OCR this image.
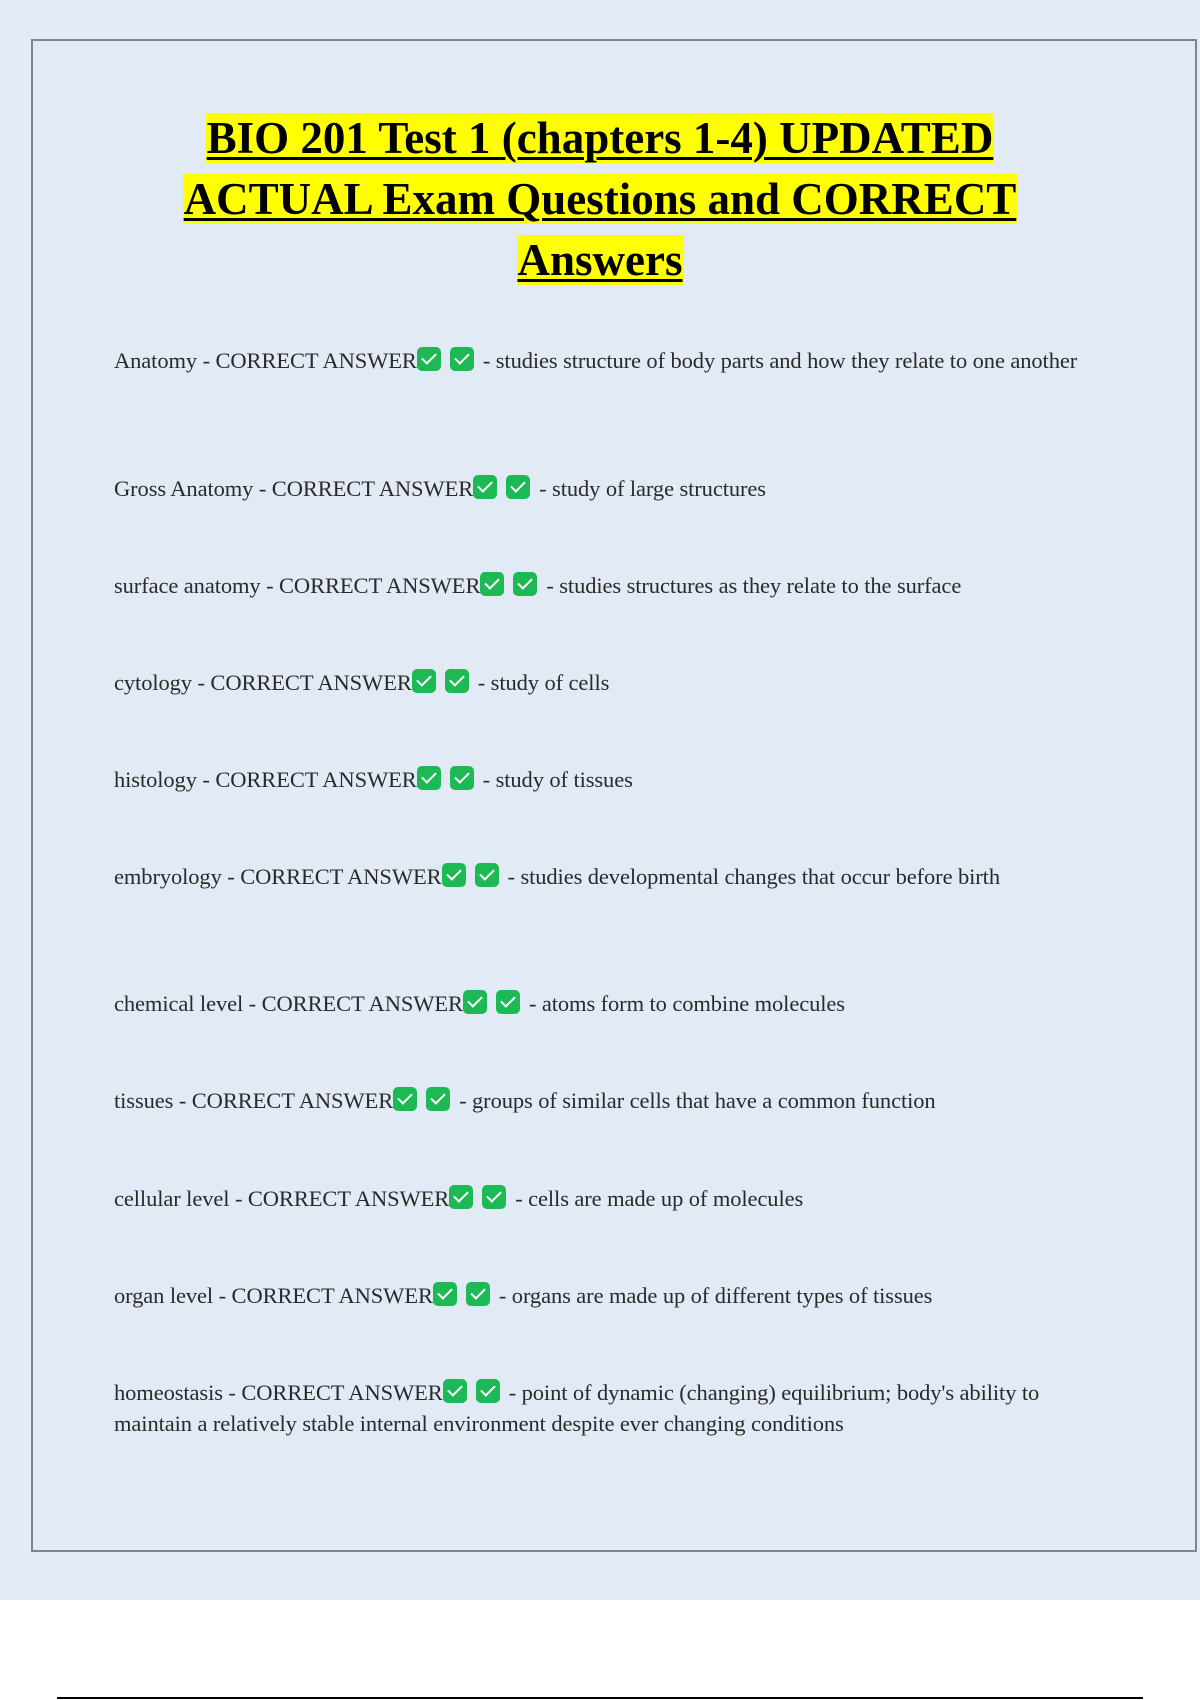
BIO 201 Test 1 (chapters 1-4) UPDATED
ACTUAL Exam Questions and CORRECT
Answers
Anatomy - CORRECT ANSWER	- studies structure of body parts and how they relate to one another
Gross Anatomy - CORRECT ANSWER	- study of large structures
surface anatomy - CORRECT ANSWER	- studies structures as they relate to the surface
cytology - CORRECT ANSWER	- study of cells
histology - CORRECT ANSWER	- study of tissues
embryology - CORRECT ANSWER	- studies developmental changes that occur before birth
chemical level - CORRECT ANSWER	- atoms form to combine molecules
tissues - CORRECT ANSWER	- groups of similar cells that have a common function
cellular level - CORRECT ANSWER	- cells are made up of molecules
organ level - CORRECT ANSWER	- organs are made up of different types of tissues
homeostasis - CORRECT ANSWER	- point of dynamic (changing) equilibrium; body's ability to maintain a relatively stable internal environment despite ever changing conditions
